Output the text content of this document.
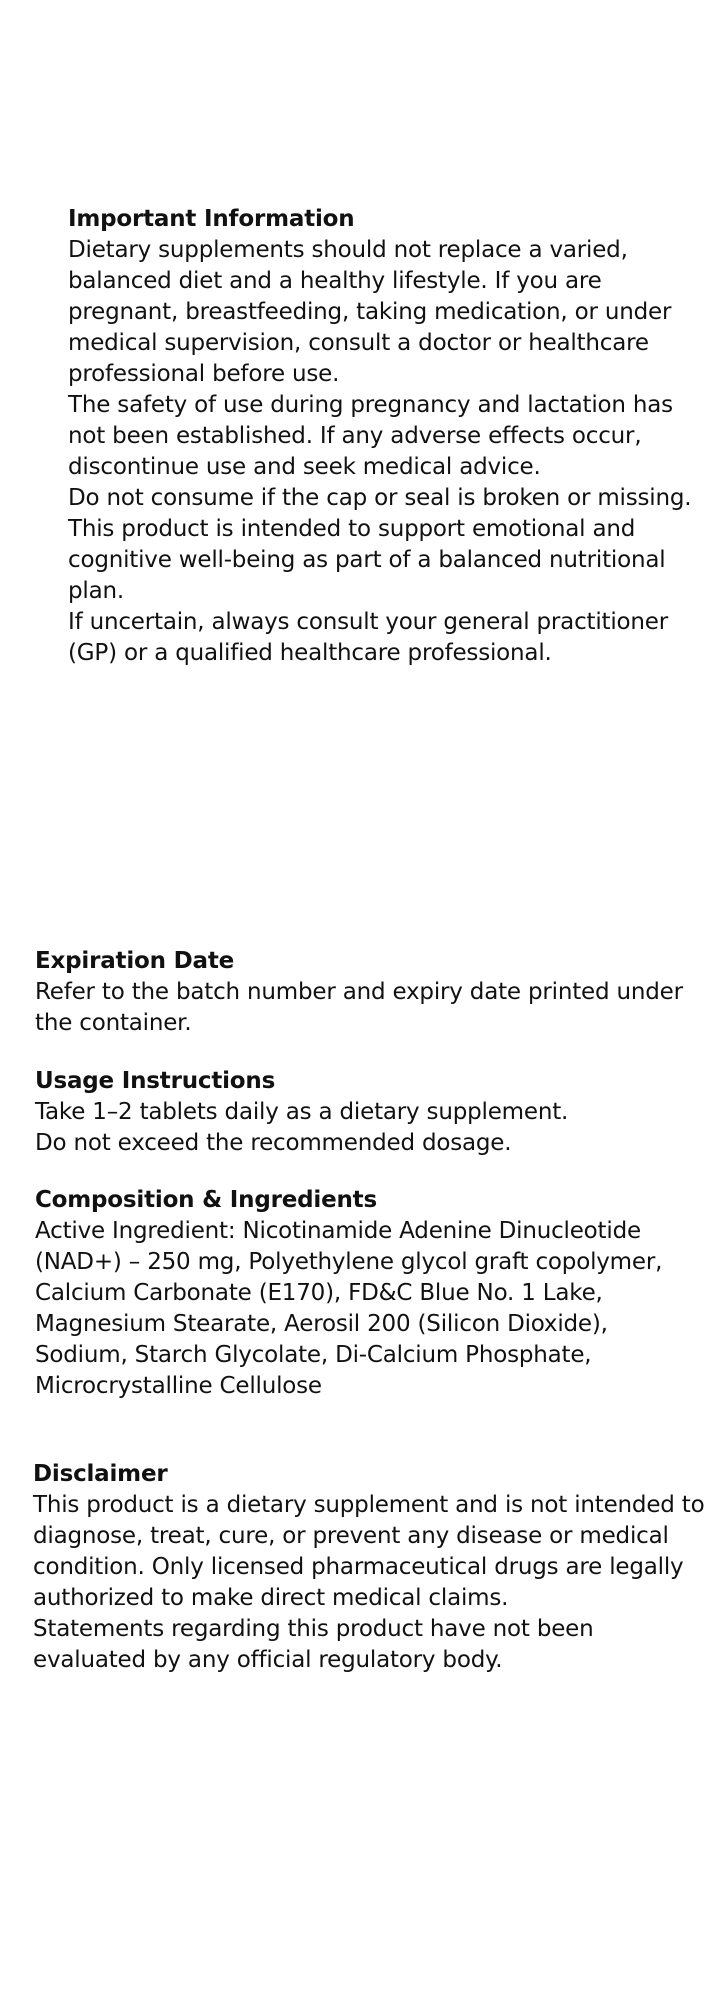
Important Information

Dietary supplements should not replace a varied, balanced diet and a healthy lifestyle. If you are pregnant, breastfeeding, taking medication, or under medical supervision, consult a doctor or healthcare professional before use.

The safety of use during pregnancy and lactation has not been established. If any adverse effects occur, discontinue use and seek medical advice.

Do not consume if the cap or seal is broken or missing.

This product is intended to support emotional and cognitive well-being as part of a balanced nutritional plan.

If uncertain, always consult your general practitioner (GP) or a qualified healthcare professional.

Expiration Date

Refer to the batch number and expiry date printed under the container.

Usage Instructions

Take 1–2 tablets daily as a dietary supplement.

Do not exceed the recommended dosage.

Composition & Ingredients

Active Ingredient: Nicotinamide Adenine Dinucleotide (NAD+) – 250 mg, Polyethylene glycol graft copolymer, Calcium Carbonate (E170), FD&C Blue No. 1 Lake, Magnesium Stearate, Aerosil 200 (Silicon Dioxide), Sodium, Starch Glycolate, Di-Calcium Phosphate, Microcrystalline Cellulose

Disclaimer

This product is a dietary supplement and is not intended to diagnose, treat, cure, or prevent any disease or medical condition. Only licensed pharmaceutical drugs are legally authorized to make direct medical claims.

Statements regarding this product have not been evaluated by any official regulatory body.
